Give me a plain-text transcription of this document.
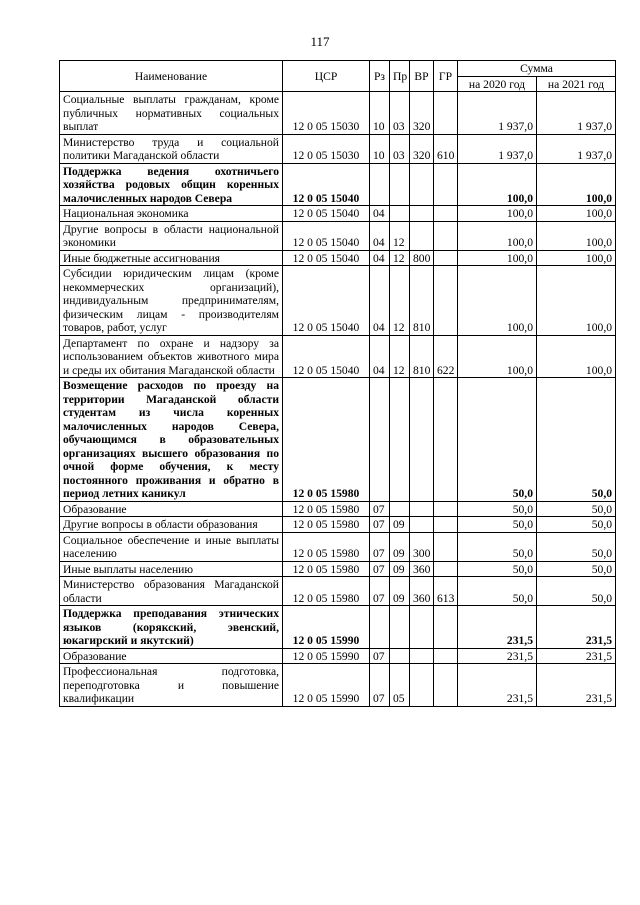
117
Наименование	ЦСР	Рз	Пр	ВР	ГР	Сумма	
						на 2020 год	на 2021 год
Социальные выплаты гражданам, кроме публичных нормативных социальных выплат	12 0 05 15030	10	03	320		1 937,0	1 937,0
Министерство труда и социальной политики Магаданской области	12 0 05 15030	10	03	320	610	1 937,0	1 937,0
Поддержка ведения охотничьего хозяйства родовых общин коренных малочисленных народов Севера	12 0 05 15040					100,0	100,0
Национальная экономика	12 0 05 15040	04				100,0	100,0
Другие вопросы в области национальной экономики	12 0 05 15040	04	12			100,0	100,0
Иные бюджетные ассигнования	12 0 05 15040	04	12	800		100,0	100,0
Субсидии юридическим лицам (кроме некоммерческих организаций), индивидуальным предпринимателям, физическим лицам - производителям товаров, работ, услуг	12 0 05 15040	04	12	810		100,0	100,0
Департамент по охране и надзору за использованием объектов животного мира и среды их обитания Магаданской области	12 0 05 15040	04	12	810	622	100,0	100,0
Возмещение расходов по проезду на территории Магаданской области студентам из числа коренных малочисленных народов Севера, обучающимся в образовательных организациях высшего образования по очной форме обучения, к месту постоянного проживания и обратно в период летних каникул	12 0 05 15980					50,0	50,0
Образование	12 0 05 15980	07				50,0	50,0
Другие вопросы в области образования	12 0 05 15980	07	09			50,0	50,0
Социальное обеспечение и иные выплаты населению	12 0 05 15980	07	09	300		50,0	50,0
Иные выплаты населению	12 0 05 15980	07	09	360		50,0	50,0
Министерство образования Магаданской области	12 0 05 15980	07	09	360	613	50,0	50,0
Поддержка преподавания этнических языков (корякский, эвенский, юкагирский и якутский)	12 0 05 15990					231,5	231,5
Образование	12 0 05 15990	07				231,5	231,5
Профессиональная подготовка, переподготовка и повышение квалификации	12 0 05 15990	07	05			231,5	231,5
